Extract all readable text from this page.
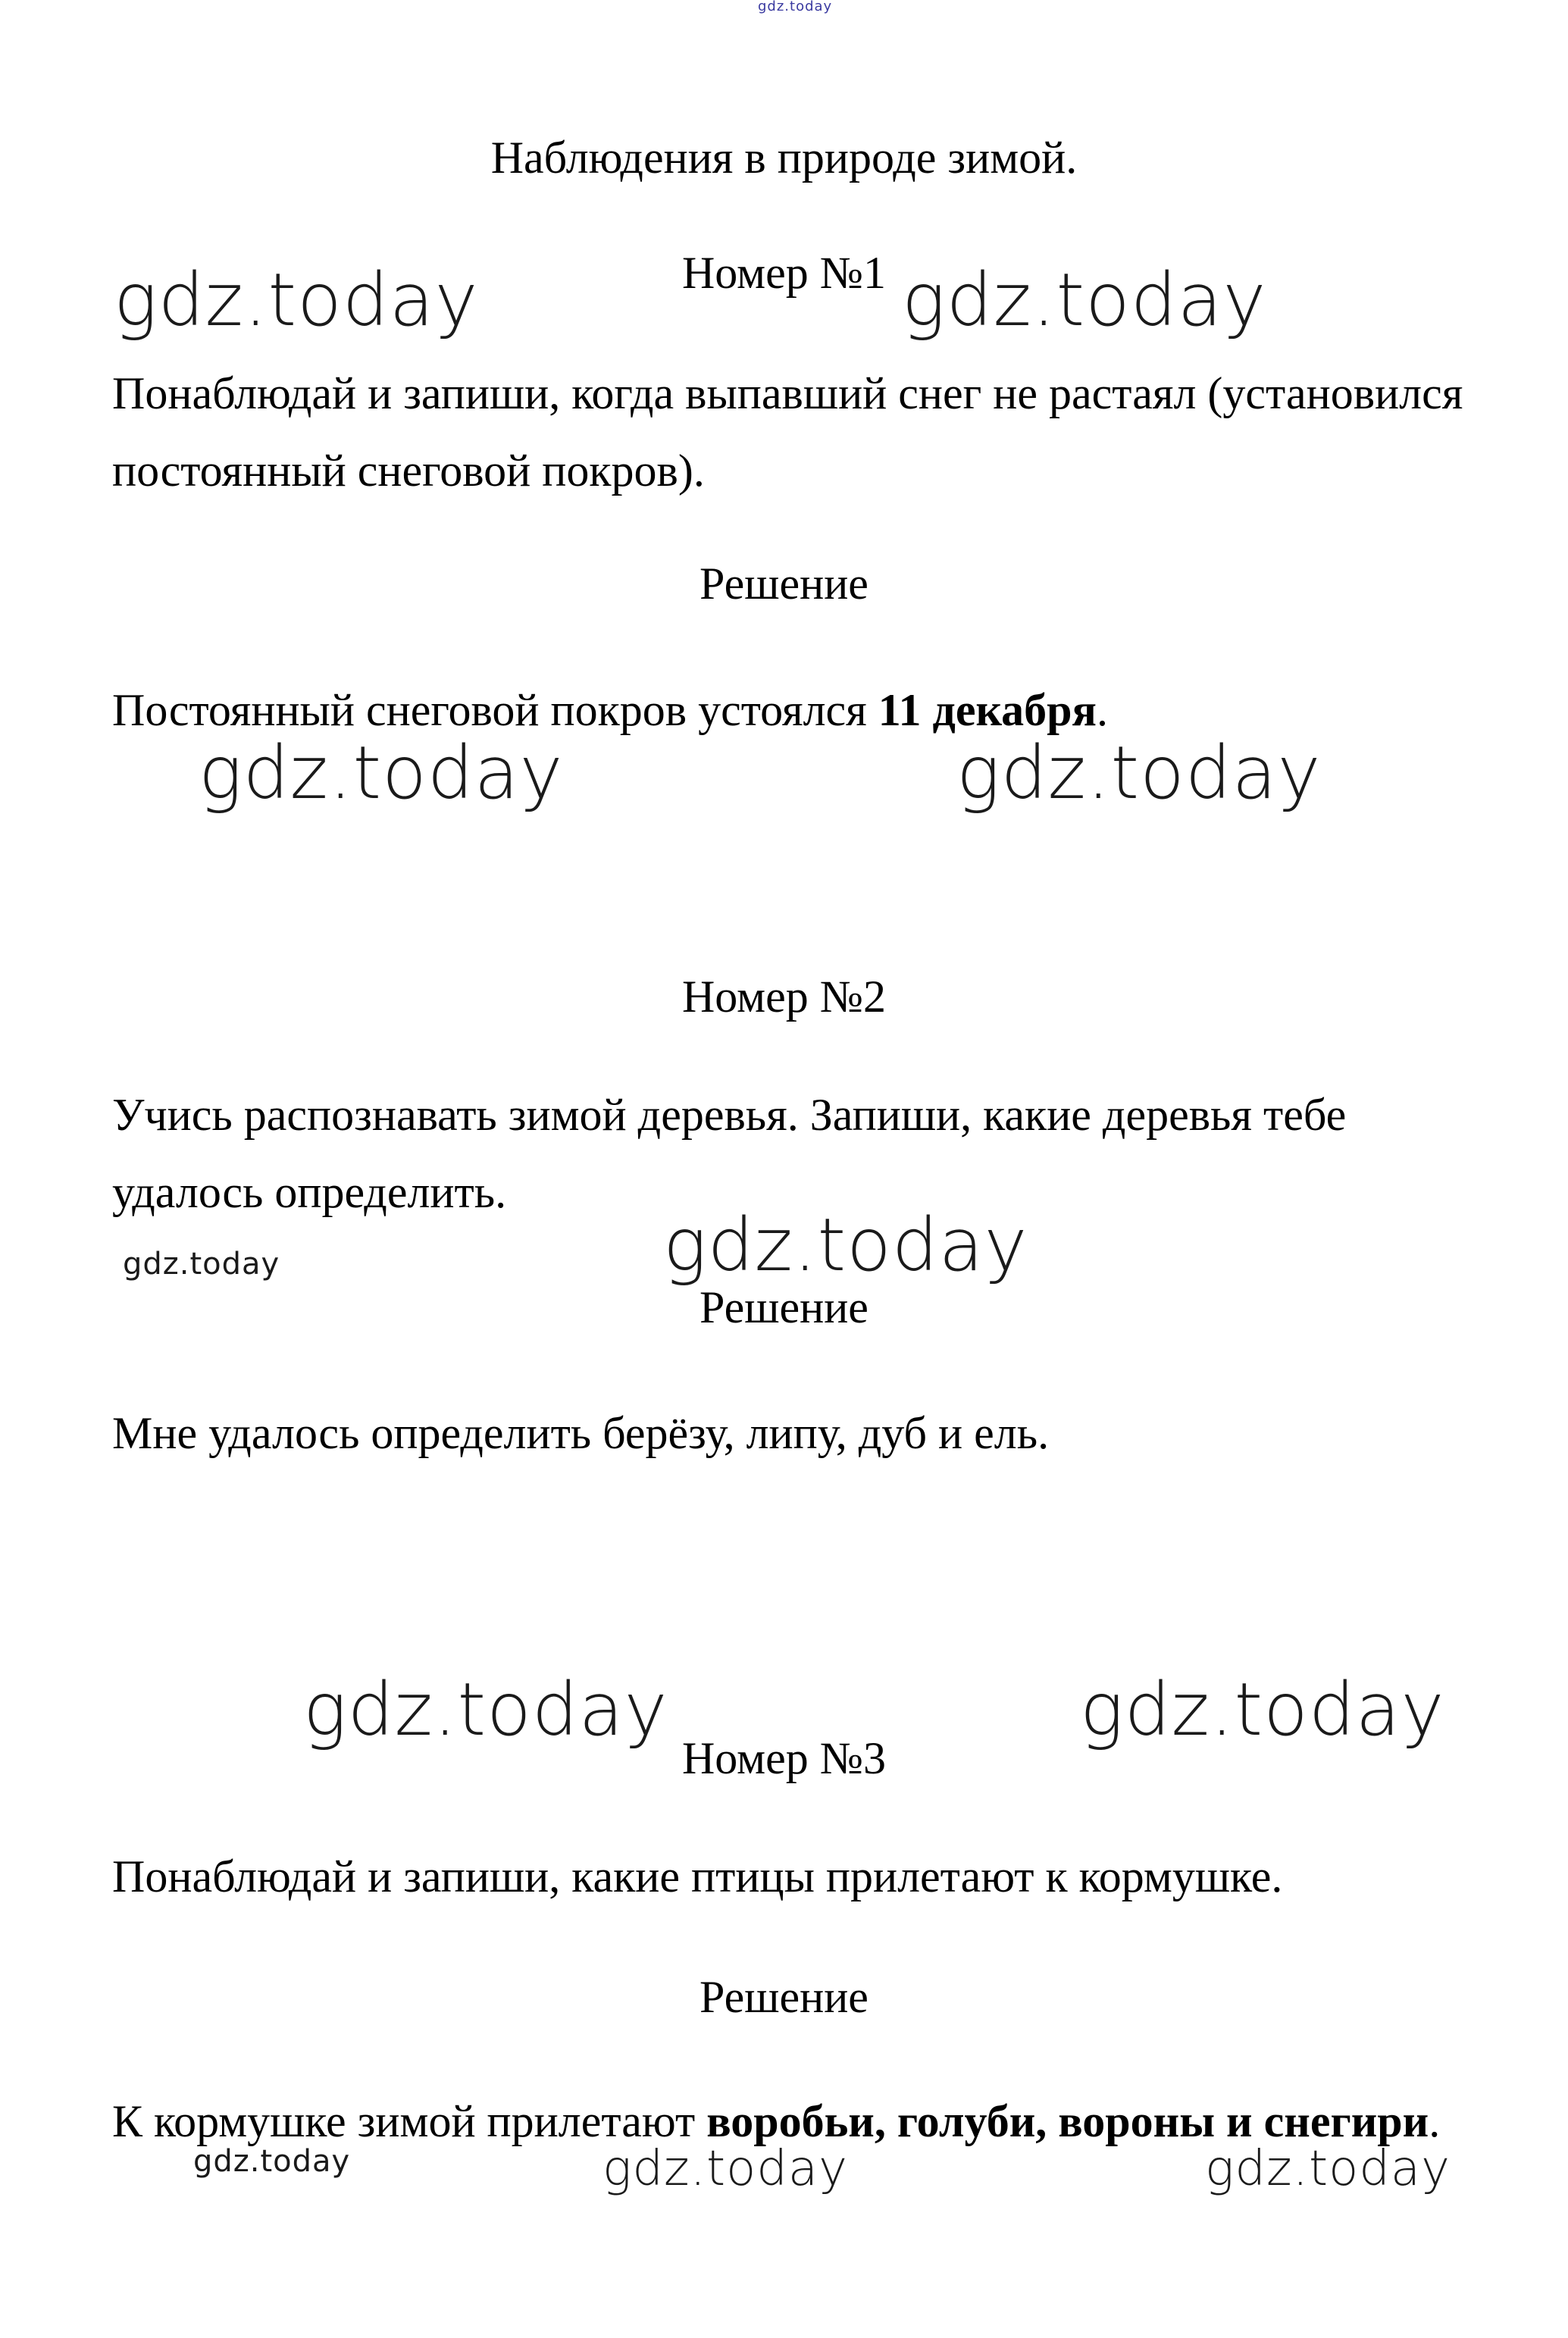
gdz.today
Наблюдения в природе зимой.
Номер №1

Понаблюдай и запиши, когда выпавший снег не растаял (установился постоянный снеговой покров).

Решение

Постоянный снеговой покров устоялся 11 декабря.

Номер №2

Учись распознавать зимой деревья. Запиши, какие деревья тебе удалось определить.

Решение

Мне удалось определить берёзу, липу, дуб и ель.

Номер №3

Понаблюдай и запиши, какие птицы прилетают к кормушке.

Решение

К кормушке зимой прилетают воробьи, голуби, вороны и снегири.

gdz.today	gdz.today
gdz.today	gdz.today
gdz.today
gdz.today
gdz.today	gdz.today
gdz.today	gdz.today	gdz.today
